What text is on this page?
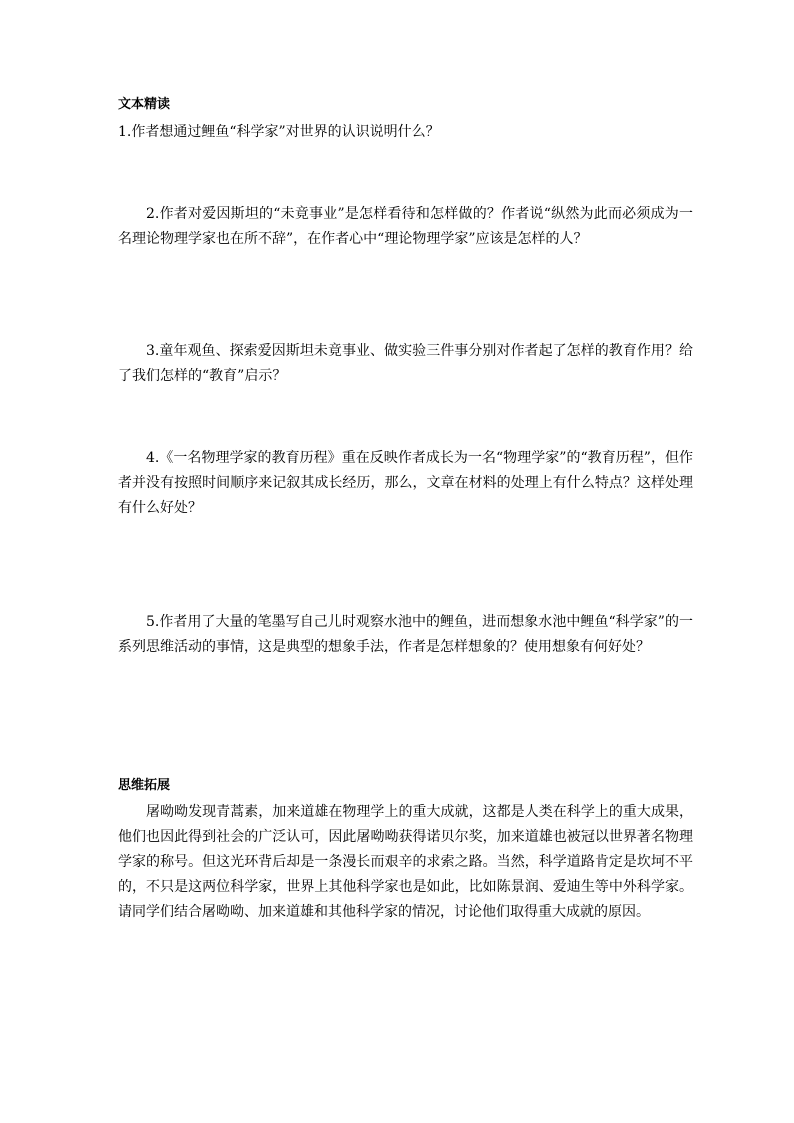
文本精读
1.作者想通过鲤鱼“科学家”对世界的认识说明什么？
2.作者对爱因斯坦的“未竟事业”是怎样看待和怎样做的？作者说“纵然为此而必须成为一名理论物理学家也在所不辞”，在作者心中“理论物理学家”应该是怎样的人？
3.童年观鱼、探索爱因斯坦未竟事业、做实验三件事分别对作者起了怎样的教育作用？给了我们怎样的“教育”启示？
4.《一名物理学家的教育历程》重在反映作者成长为一名“物理学家”的“教育历程”，但作者并没有按照时间顺序来记叙其成长经历，那么，文章在材料的处理上有什么特点？这样处理有什么好处？
5.作者用了大量的笔墨写自己儿时观察水池中的鲤鱼，进而想象水池中鲤鱼“科学家”的一系列思维活动的事情，这是典型的想象手法，作者是怎样想象的？使用想象有何好处？
思维拓展
屠呦呦发现青蒿素，加来道雄在物理学上的重大成就，这都是人类在科学上的重大成果，他们也因此得到社会的广泛认可，因此屠呦呦获得诺贝尔奖，加来道雄也被冠以世界著名物理学家的称号。但这光环背后却是一条漫长而艰辛的求索之路。当然，科学道路肯定是坎坷不平的，不只是这两位科学家，世界上其他科学家也是如此，比如陈景润、爱迪生等中外科学家。请同学们结合屠呦呦、加来道雄和其他科学家的情况，讨论他们取得重大成就的原因。
